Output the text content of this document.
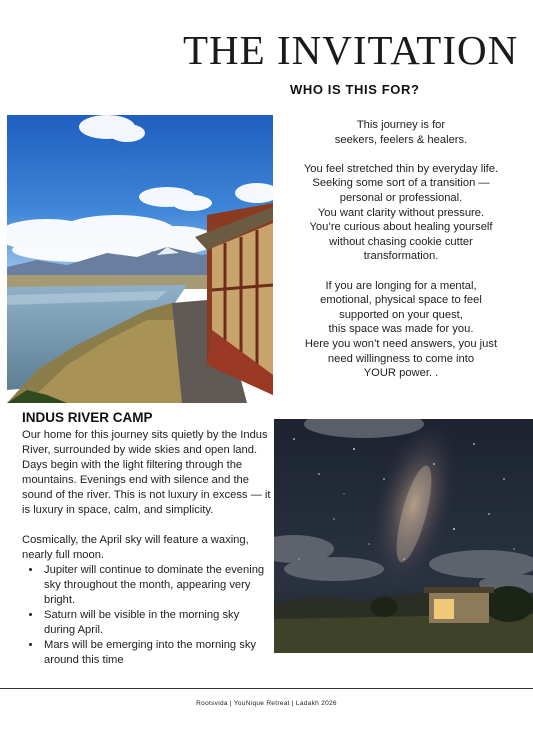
THE INVITATION
WHO IS THIS FOR?

This journey is for

seekers, feelers & healers.

You feel stretched thin by everyday life.

Seeking some sort of a transition —

personal or professional.

You want clarity without pressure.

You’re curious about healing yourself

without chasing cookie cutter

transformation.

If you are longing for a mental,

emotional, physical space to feel

supported on your quest,

this space was made for you.

Here you won’t need answers, you just

need willingness to come into

YOUR power. .

INDUS RIVER CAMP

Our home for this journey sits quietly by the Indus River, surrounded by wide skies and open land. Days begin with the light filtering through the mountains. Evenings end with silence and the sound of the river. This is not luxury in excess — it is luxury in space, calm, and simplicity.

Cosmically, the April sky will feature a waxing, nearly full moon.

• Jupiter will continue to dominate the evening sky throughout the month, appearing very bright.
• Saturn will be visible in the morning sky during April.
• Mars will be emerging into the morning sky around this time
Rootsvida | YouNique Retreat | Ladakh 2026
